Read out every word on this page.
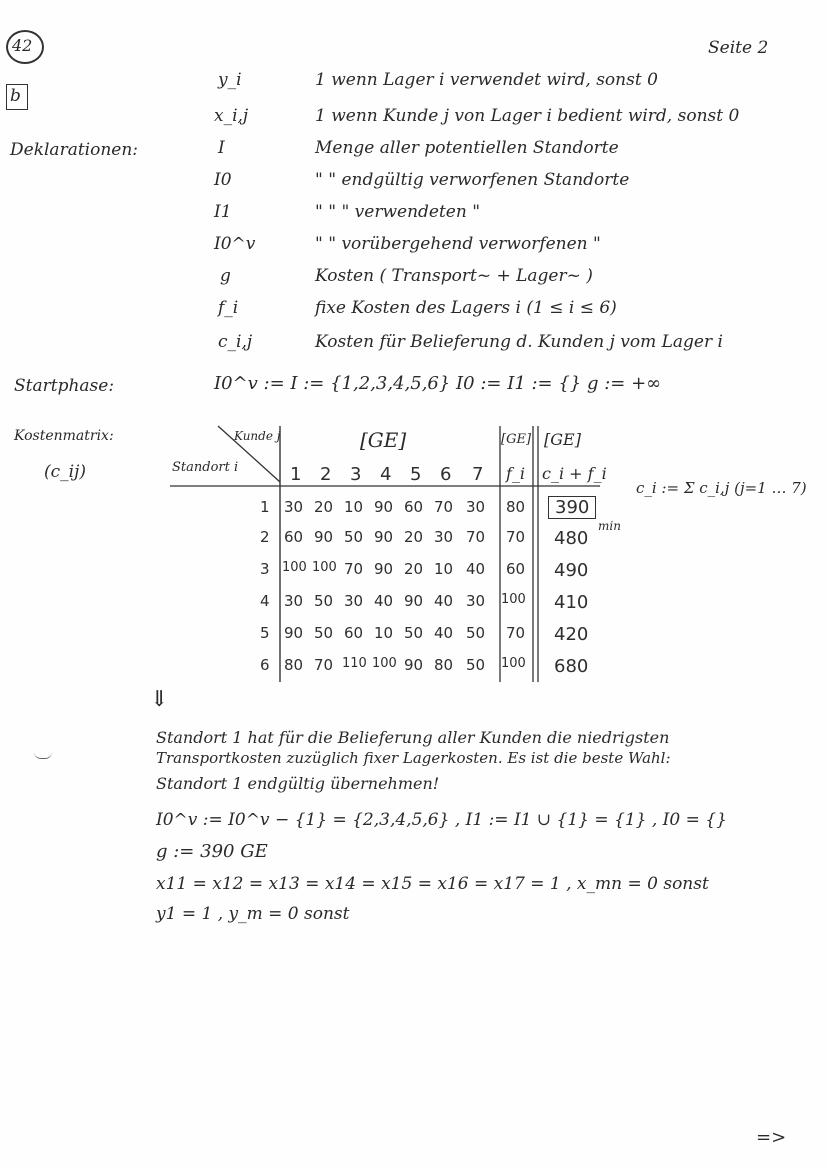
42	Seite 2
b
Deklarationen:
y_i	1 wenn Lager i verwendet wird, sonst 0
x_i,j	1 wenn Kunde j von Lager i bedient wird, sonst 0
I	Menge aller potentiellen Standorte
I0	" " endgültig verworfenen Standorte
I1	" " " verwendeten "
I0^v	" " vorübergehend verworfenen "
g	Kosten ( Transport~ + Lager~ )
f_i	fixe Kosten des Lagers i (1 ≤ i ≤ 6)
c_i,j	Kosten für Belieferung d. Kunden j vom Lager i
Startphase:	I0^v := I := {1,2,3,4,5,6} I0 := I1 := {} g := +∞
Kostenmatrix:
(c_ij)
Kunde j
Standort i
[GE]	[GE] [GE]
1 2 3 4 5 6 7 f_i c_i + f_i
1 30 20 10 90 60 70 30 80	390
min
2 60 90 50 90 20 30 70 70 480
3 100 100 70 90 20 10 40 60 490
4 30 50 30 40 90 40 30 100 410
5 90 50 60 10 50 40 50 70 420
6 80 70 110 100 90 80 50 100 680
c_i := Σ c_i,j (j=1 … 7)
⇓
Standort 1 hat für die Belieferung aller Kunden die niedrigsten
Transportkosten zuzüglich fixer Lagerkosten. Es ist die beste Wahl:
Standort 1 endgültig übernehmen!
I0^v := I0^v − {1} = {2,3,4,5,6} , I1 := I1 ∪ {1} = {1} , I0 = {}
g := 390 GE
x11 = x12 = x13 = x14 = x15 = x16 = x17 = 1 , x_mn = 0 sonst
y1 = 1 , y_m = 0 sonst
=>
